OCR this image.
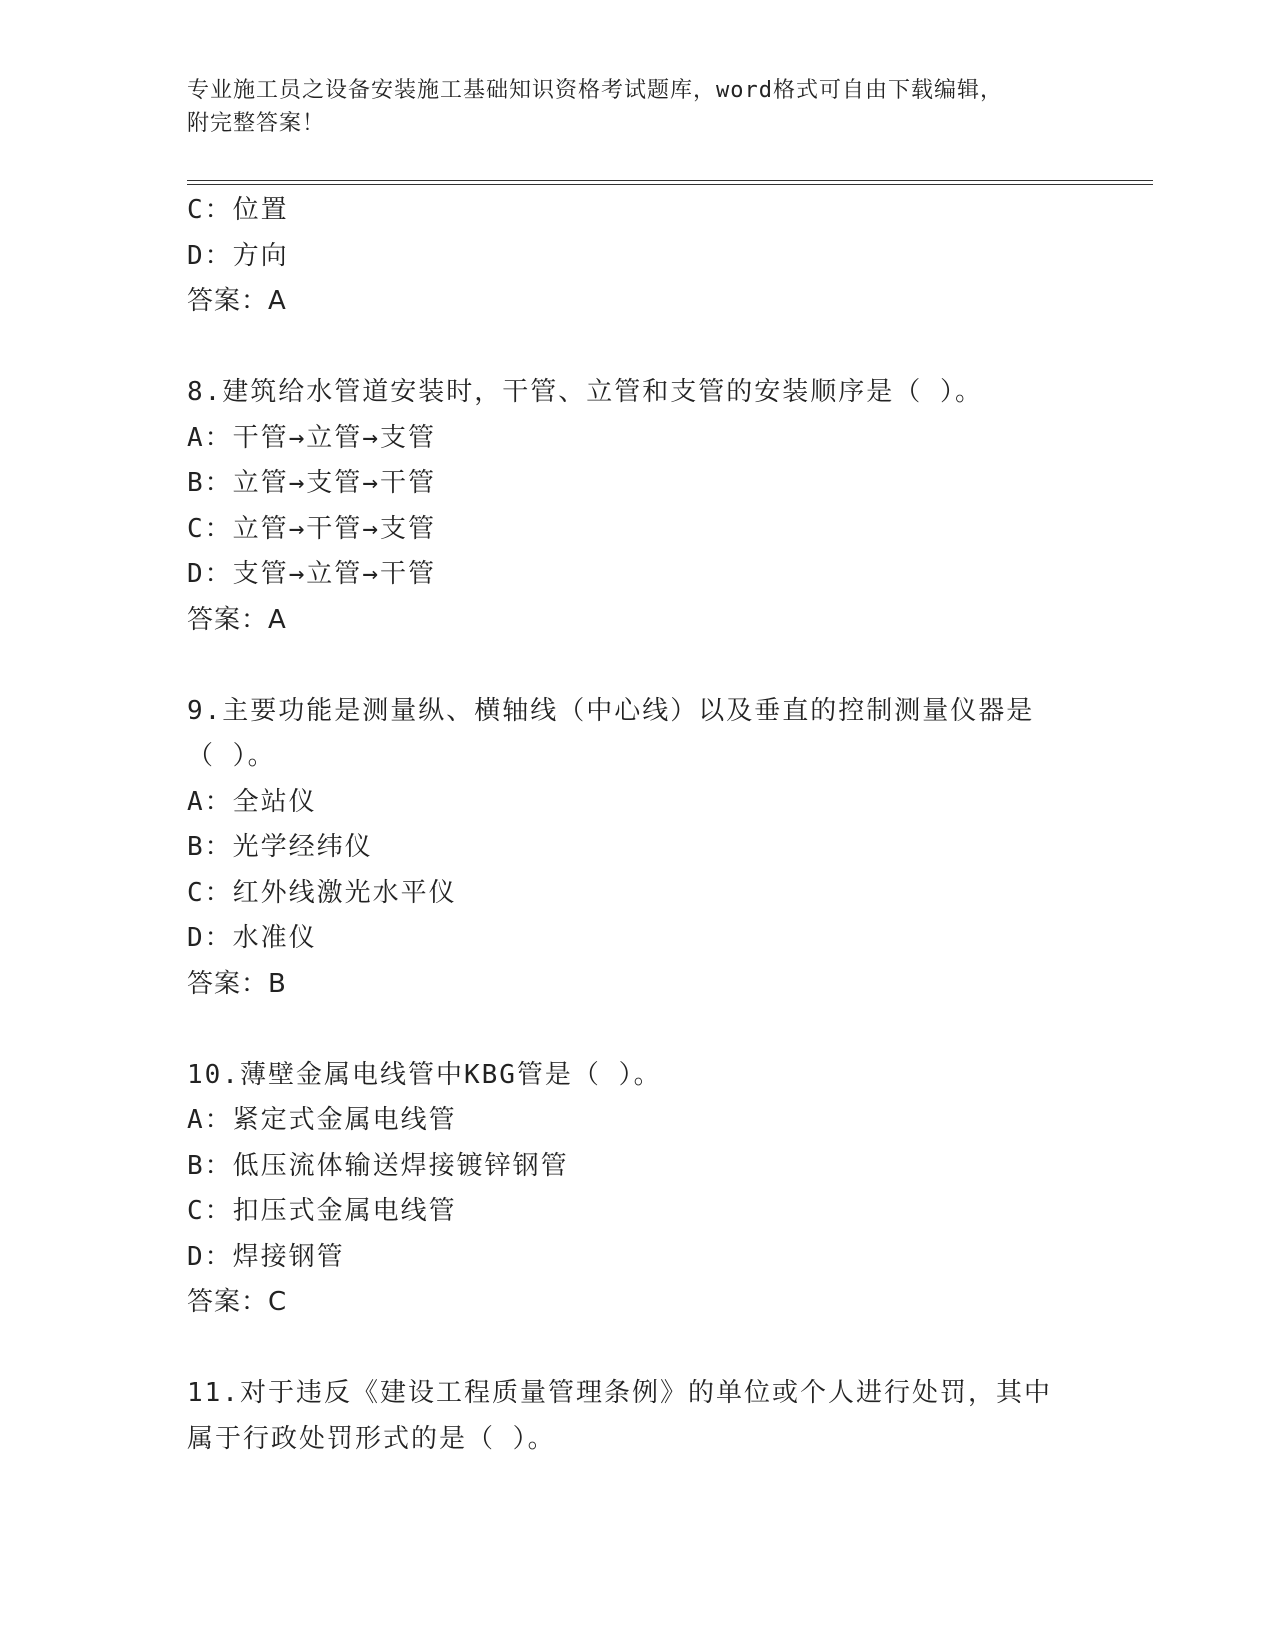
专业施工员之设备安装施工基础知识资格考试题库，word格式可自由下载编辑，
附完整答案！
C：位置
D：方向
答案：A
8.建筑给水管道安装时，干管、立管和支管的安装顺序是（ ）。
A：干管→立管→支管
B：立管→支管→干管
C：立管→干管→支管
D：支管→立管→干管
答案：A
9.主要功能是测量纵、横轴线（中心线）以及垂直的控制测量仪器是
（ ）。
A：全站仪
B：光学经纬仪
C：红外线激光水平仪
D：水准仪
答案：B
10.薄壁金属电线管中KBG管是（ ）。
A：紧定式金属电线管
B：低压流体输送焊接镀锌钢管
C：扣压式金属电线管
D：焊接钢管
答案：C
11.对于违反《建设工程质量管理条例》的单位或个人进行处罚，其中
属于行政处罚形式的是（ ）。
